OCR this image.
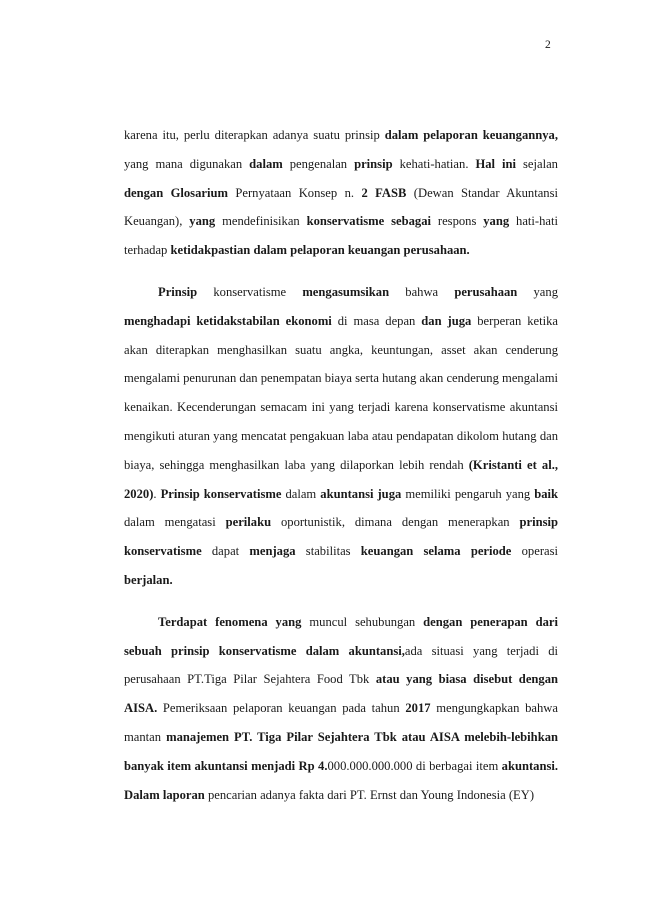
2

karena itu, perlu diterapkan adanya suatu prinsip dalam pelaporan keuangannya, yang mana digunakan dalam pengenalan prinsip kehati-hatian. Hal ini sejalan dengan Glosarium Pernyataan Konsep n. 2 FASB (Dewan Standar Akuntansi Keuangan), yang mendefinisikan konservatisme sebagai respons yang hati-hati terhadap ketidakpastian dalam pelaporan keuangan perusahaan.

Prinsip konservatisme mengasumsikan bahwa perusahaan yang menghadapi ketidakstabilan ekonomi di masa depan dan juga berperan ketika akan diterapkan menghasilkan suatu angka, keuntungan, asset akan cenderung mengalami penurunan dan penempatan biaya serta hutang akan cenderung mengalami kenaikan. Kecenderungan semacam ini yang terjadi karena konservatisme akuntansi mengikuti aturan yang mencatat pengakuan laba atau pendapatan dikolom hutang dan biaya, sehingga menghasilkan laba yang dilaporkan lebih rendah (Kristanti et al., 2020). Prinsip konservatisme dalam akuntansi juga memiliki pengaruh yang baik dalam mengatasi perilaku oportunistik, dimana dengan menerapkan prinsip konservatisme dapat menjaga stabilitas keuangan selama periode operasi berjalan.

Terdapat fenomena yang muncul sehubungan dengan penerapan dari sebuah prinsip konservatisme dalam akuntansi,ada situasi yang terjadi di perusahaan PT.Tiga Pilar Sejahtera Food Tbk atau yang biasa disebut dengan AISA. Pemeriksaan pelaporan keuangan pada tahun 2017 mengungkapkan bahwa mantan manajemen PT. Tiga Pilar Sejahtera Tbk atau AISA melebih-lebihkan banyak item akuntansi menjadi Rp 4.000.000.000.000 di berbagai item akuntansi. Dalam laporan pencarian adanya fakta dari PT. Ernst dan Young Indonesia (EY)
